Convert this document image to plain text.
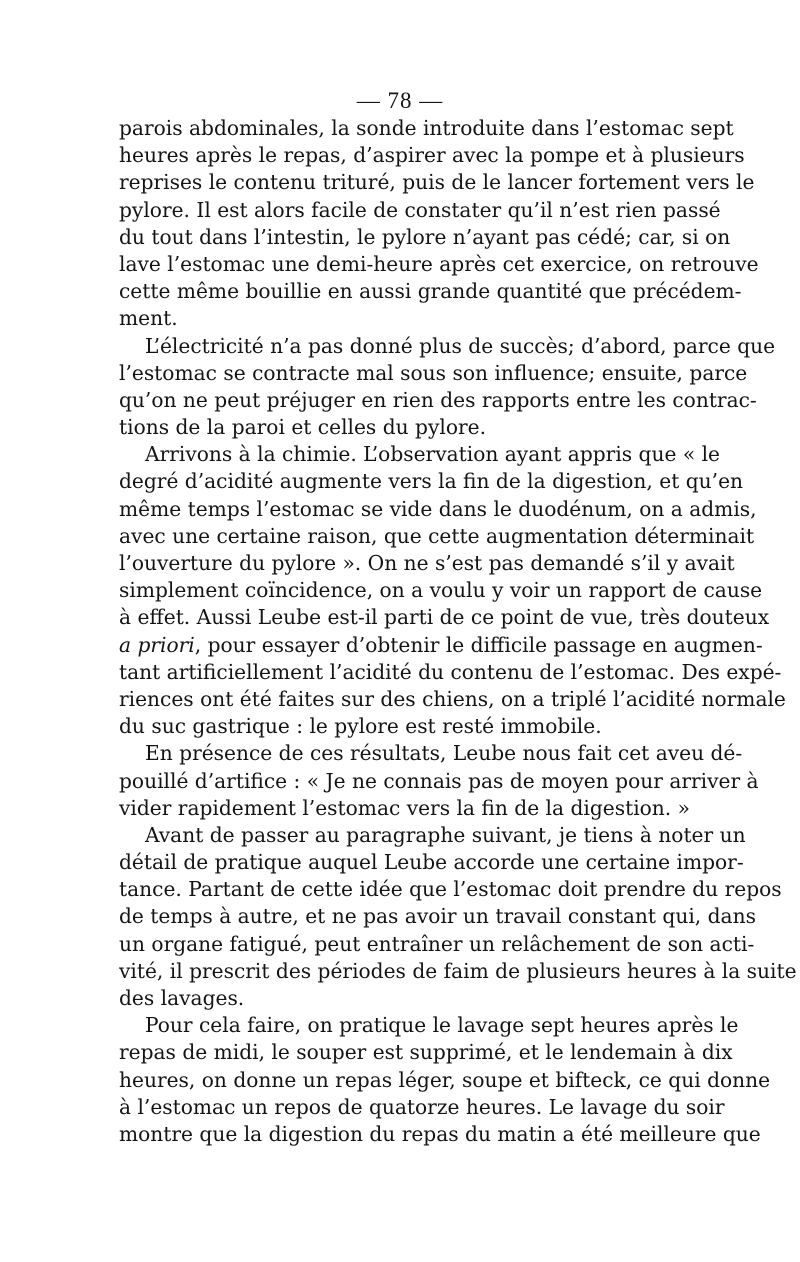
— 78 —
parois abdominales, la sonde introduite dans l’estomac sept
heures après le repas, d’aspirer avec la pompe et à plusieurs
reprises le contenu trituré, puis de le lancer fortement vers le
pylore. Il est alors facile de constater qu’il n’est rien passé
du tout dans l’intestin, le pylore n’ayant pas cédé; car, si on
lave l’estomac une demi-heure après cet exercice, on retrouve
cette même bouillie en aussi grande quantité que précédem-
ment.
L’électricité n’a pas donné plus de succès; d’abord, parce que
l’estomac se contracte mal sous son influence; ensuite, parce
qu’on ne peut préjuger en rien des rapports entre les contrac-
tions de la paroi et celles du pylore.
Arrivons à la chimie. L’observation ayant appris que « le
degré d’acidité augmente vers la fin de la digestion, et qu’en
même temps l’estomac se vide dans le duodénum, on a admis,
avec une certaine raison, que cette augmentation déterminait
l’ouverture du pylore ». On ne s’est pas demandé s’il y avait
simplement coïncidence, on a voulu y voir un rapport de cause
à effet. Aussi Leube est-il parti de ce point de vue, très douteux
a priori, pour essayer d’obtenir le difficile passage en augmen-
tant artificiellement l’acidité du contenu de l’estomac. Des expé-
riences ont été faites sur des chiens, on a triplé l’acidité normale
du suc gastrique : le pylore est resté immobile.
En présence de ces résultats, Leube nous fait cet aveu dé-
pouillé d’artifice : « Je ne connais pas de moyen pour arriver à
vider rapidement l’estomac vers la fin de la digestion. »
Avant de passer au paragraphe suivant, je tiens à noter un
détail de pratique auquel Leube accorde une certaine impor-
tance. Partant de cette idée que l’estomac doit prendre du repos
de temps à autre, et ne pas avoir un travail constant qui, dans
un organe fatigué, peut entraîner un relâchement de son acti-
vité, il prescrit des périodes de faim de plusieurs heures à la suite
des lavages.
Pour cela faire, on pratique le lavage sept heures après le
repas de midi, le souper est supprimé, et le lendemain à dix
heures, on donne un repas léger, soupe et bifteck, ce qui donne
à l’estomac un repos de quatorze heures. Le lavage du soir
montre que la digestion du repas du matin a été meilleure que
